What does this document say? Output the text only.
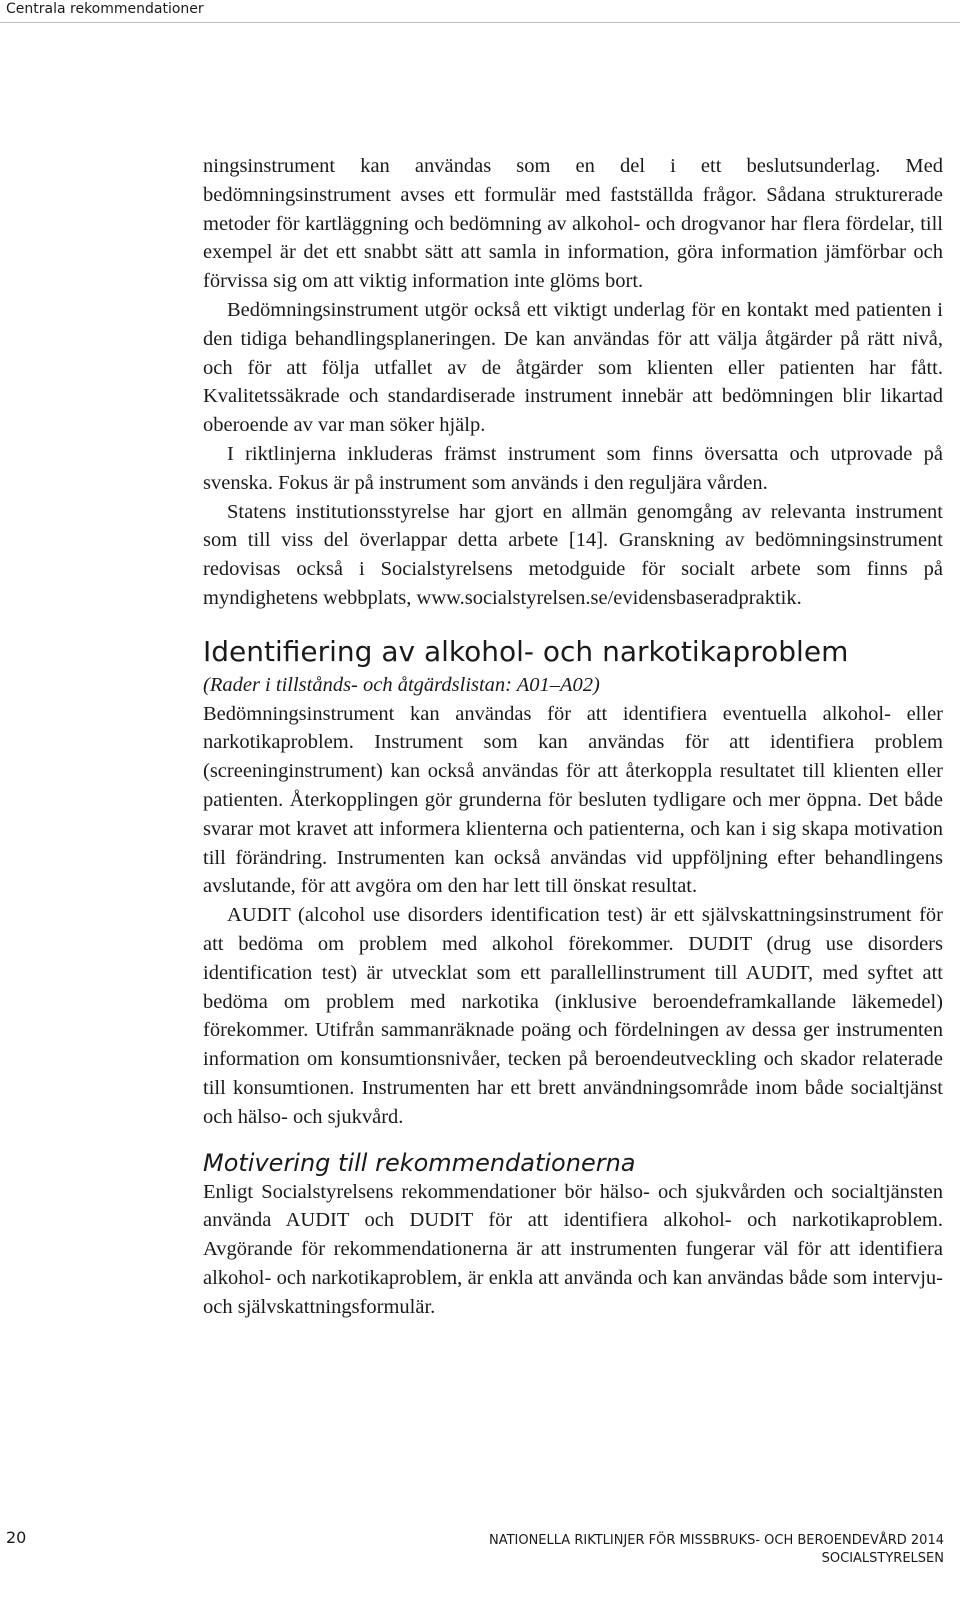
Centrala rekommendationer

ningsinstrument kan användas som en del i ett beslutsunderlag. Med bedömningsinstrument avses ett formulär med fastställda frågor. Sådana strukturerade metoder för kartläggning och bedömning av alkohol- och drogvanor har flera fördelar, till exempel är det ett snabbt sätt att samla in information, göra information jämförbar och förvissa sig om att viktig information inte glöms bort.

Bedömningsinstrument utgör också ett viktigt underlag för en kontakt med patienten i den tidiga behandlingsplaneringen. De kan användas för att välja åtgärder på rätt nivå, och för att följa utfallet av de åtgärder som klienten eller patienten har fått. Kvalitetssäkrade och standardiserade instrument innebär att bedömningen blir likartad oberoende av var man söker hjälp.

I riktlinjerna inkluderas främst instrument som finns översatta och utprovade på svenska. Fokus är på instrument som används i den reguljära vården.

Statens institutionsstyrelse har gjort en allmän genomgång av relevanta instrument som till viss del överlappar detta arbete [14]. Granskning av bedömningsinstrument redovisas också i Socialstyrelsens metodguide för socialt arbete som finns på myndighetens webbplats, www.socialstyrelsen.se/evidensbaseradpraktik.

Identifiering av alkohol- och narkotikaproblem

(Rader i tillstånds- och åtgärdslistan: A01–A02)

Bedömningsinstrument kan användas för att identifiera eventuella alkohol- eller narkotikaproblem. Instrument som kan användas för att identifiera problem (screeninginstrument) kan också användas för att återkoppla resultatet till klienten eller patienten. Återkopplingen gör grunderna för besluten tydligare och mer öppna. Det både svarar mot kravet att informera klienterna och patienterna, och kan i sig skapa motivation till förändring. Instrumenten kan också användas vid uppföljning efter behandlingens avslutande, för att avgöra om den har lett till önskat resultat.

AUDIT (alcohol use disorders identification test) är ett självskattningsinstrument för att bedöma om problem med alkohol förekommer. DUDIT (drug use disorders identification test) är utvecklat som ett parallellinstrument till AUDIT, med syftet att bedöma om problem med narkotika (inklusive beroendeframkallande läkemedel) förekommer. Utifrån sammanräknade poäng och fördelningen av dessa ger instrumenten information om konsumtionsnivåer, tecken på beroendeutveckling och skador relaterade till konsumtionen. Instrumenten har ett brett användningsområde inom både socialtjänst och hälso- och sjukvård.

Motivering till rekommendationerna

Enligt Socialstyrelsens rekommendationer bör hälso- och sjukvården och socialtjänsten använda AUDIT och DUDIT för att identifiera alkohol- och narkotikaproblem. Avgörande för rekommendationerna är att instrumenten fungerar väl för att identifiera alkohol- och narkotikaproblem, är enkla att använda och kan användas både som intervju- och självskattningsformulär.

20	NATIONELLA RIKTLINJER FÖR MISSBRUKS- OCH BEROENDEVÅRD 2014
SOCIALSTYRELSEN
